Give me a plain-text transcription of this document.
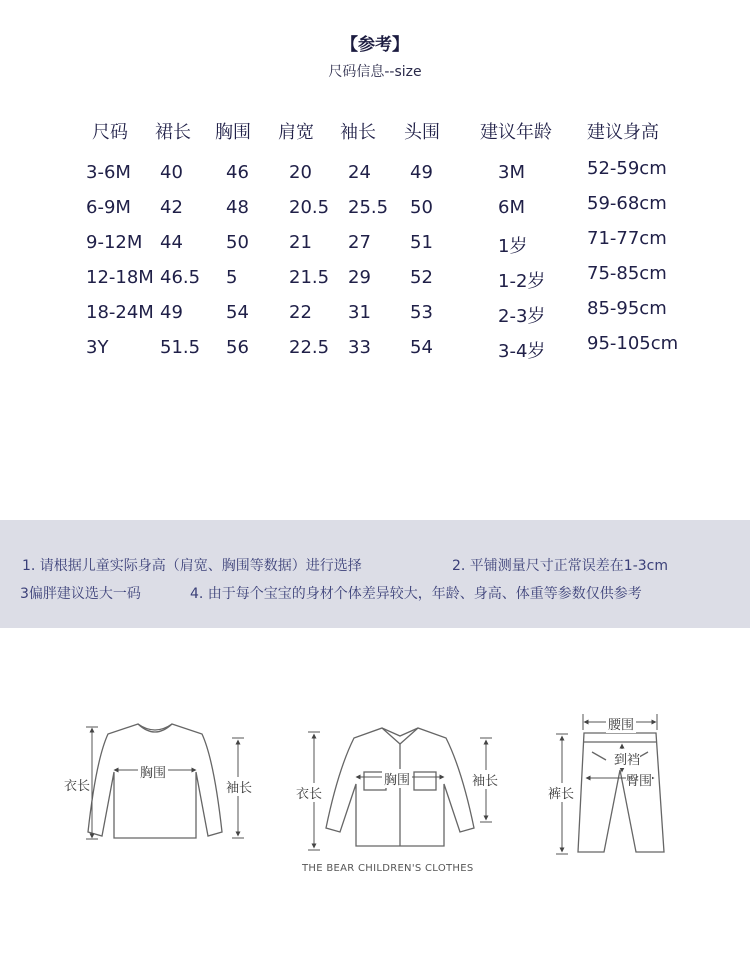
【参考】
尺码信息--size
尺码 裙长 胸围 肩宽 袖长 头围 建议年龄 建议身高
3-6M 40 46 20 24 49	3M	52-59cm
6-9M 42 48 20.5 25.5 50	6M	59-68cm
9-12M 44 50 21 27 51	1岁	71-77cm
12-18M 46.5 5	21.5 29 52	1-2岁 75-85cm
18-24M 49 54 22 31 53	2-3岁 85-95cm
3Y	51.5 56 22.5 33 54	3-4岁 95-105cm
1. 请根据儿童实际身高（肩宽、胸围等数据）进行选择	2. 平铺测量尺寸正常误差在1-3cm
3偏胖建议选大一码	4. 由于每个宝宝的身材个体差异较大，年龄、身高、体重等参数仅供参考
衣长
胸围
袖长	衣长
胸围	袖长
腰围
到裆
臀围
裤长
THE BEAR CHILDREN'S CLOTHES
